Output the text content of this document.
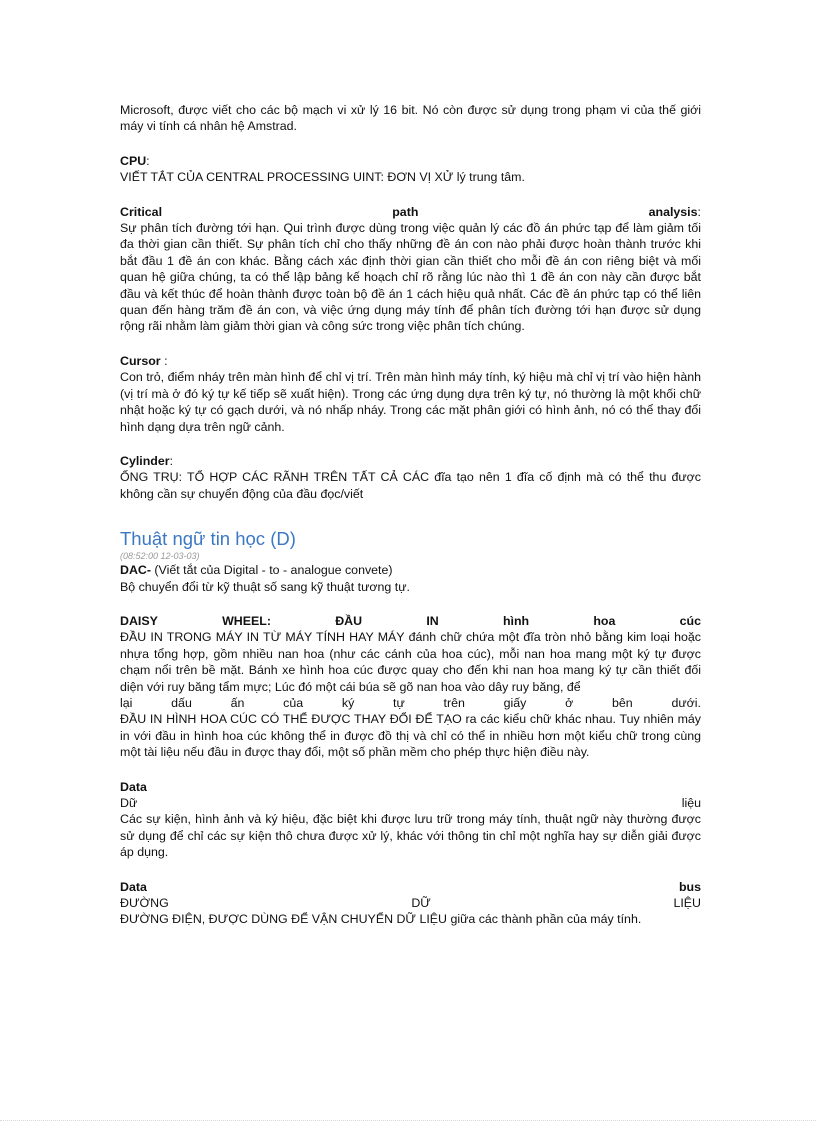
Microsoft, được viết cho các bộ mạch vi xử lý 16 bit. Nó còn được sử dụng trong phạm vi của thế giới máy vi tính cá nhân hệ Amstrad.

CPU:

VIẾT TẮT CỦA CENTRAL PROCESSING UINT: ĐƠN VỊ XỬ lý trung tâm.

Critical	path	analysis:

Sự phân tích đường tới hạn. Qui trình được dùng trong việc quản lý các đồ án phức tạp để làm giảm tối đa thời gian cần thiết. Sự phân tích chỉ cho thấy những đề án con nào phải được hoàn thành trước khi bắt đầu 1 đề án con khác. Bằng cách xác định thời gian cần thiết cho mỗi đề án con riêng biệt và mối quan hệ giữa chúng, ta có thể lập bảng kế hoạch chỉ rõ rằng lúc nào thì 1 đề án con này cần được bắt đầu và kết thúc để hoàn thành được toàn bộ đề án 1 cách hiệu quả nhất. Các đề án phức tạp có thể liên quan đến hàng trăm đề án con, và việc ứng dụng máy tính để phân tích đường tới hạn được sử dụng rộng rãi nhằm làm giảm thời gian và công sức trong việc phân tích chúng.

Cursor :

Con trỏ, điểm nháy trên màn hình để chỉ vị trí. Trên màn hình máy tính, ký hiệu mà chỉ vị trí vào hiện hành (vị trí mà ở đó ký tự kế tiếp sẽ xuất hiện). Trong các ứng dụng dựa trên ký tự, nó thường là một khối chữ nhật hoặc ký tự có gạch dưới, và nó nhấp nháy. Trong các mặt phân giới có hình ảnh, nó có thể thay đổi hình dạng dựa trên ngữ cảnh.

Cylinder:

ỐNG TRỤ: TỔ HỢP CÁC RÃNH TRÊN TẤT CẢ CÁC đĩa tạo nên 1 đĩa cố định mà có thể thu được không cần sự chuyển động của đầu đọc/viết

Thuật ngữ tin học (D)

(08:52:00 12-03-03)

DAC- (Viết tắt của Digital - to - analogue convete)

Bộ chuyển đổi từ kỹ thuật số sang kỹ thuật tương tự.

DAISY	WHEEL:	ĐẦU	IN	hình	hoa	cúc

ĐẦU IN TRONG MÁY IN TỪ MÁY TÍNH HAY MÁY đánh chữ chứa một đĩa tròn nhỏ bằng kim loại hoặc nhựa tổng hợp, gồm nhiều nan hoa (như các cánh của hoa cúc), mỗi nan hoa mang một ký tự được chạm nổi trên bề mặt. Bánh xe hình hoa cúc được quay cho đến khi nan hoa mang ký tự cần thiết đối diện với ruy băng tẩm mực; Lúc đó một cái búa sẽ gõ nan hoa vào dây ruy băng, để

lại	dấu	ấn	của	ký	tự	trên	giấy	ở	bên	dưới.

ĐẦU IN HÌNH HOA CÚC CÓ THỂ ĐƯỢC THAY ĐỔI ĐỂ TẠO ra các kiểu chữ khác nhau. Tuy nhiên máy in với đầu in hình hoa cúc không thể in được đồ thị và chỉ có thể in nhiều hơn một kiểu chữ trong cùng một tài liệu nếu đầu in được thay đổi, một số phần mềm cho phép thực hiện điều này.

Data

Dữ	liệu

Các sự kiện, hình ảnh và ký hiệu, đặc biệt khi được lưu trữ trong máy tính, thuật ngữ này thường được sử dụng để chỉ các sự kiện thô chưa được xử lý, khác với thông tin chỉ một nghĩa hay sự diễn giải được áp dụng.

Data	bus
ĐƯỜNG	DỮ	LIỆU

ĐƯỜNG ĐIỆN, ĐƯỢC DÙNG ĐỂ VẬN CHUYỂN DỮ LIỆU giữa các thành phần của máy tính.
